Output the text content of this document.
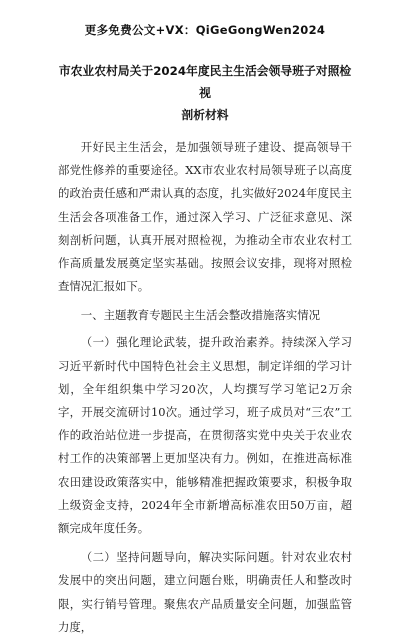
更多免费公文+VX：QiGeGongWen2024
市农业农村局关于2024年度民主生活会领导班子对照检视
剖析材料

开好民主生活会，是加强领导班子建设、提高领导干部党性修养的重要途径。XX市农业农村局领导班子以高度的政治责任感和严肃认真的态度，扎实做好2024年度民主生活会各项准备工作，通过深入学习、广泛征求意见、深刻剖析问题，认真开展对照检视，为推动全市农业农村工作高质量发展奠定坚实基础。按照会议安排，现将对照检查情况汇报如下。

一、主题教育专题民主生活会整改措施落实情况

（一）强化理论武装，提升政治素养。持续深入学习习近平新时代中国特色社会主义思想，制定详细的学习计划，全年组织集中学习20次，人均撰写学习笔记2万余字，开展交流研讨10次。通过学习，班子成员对“三农”工作的政治站位进一步提高，在贯彻落实党中央关于农业农村工作的决策部署上更加坚决有力。例如，在推进高标准农田建设政策落实中，能够精准把握政策要求，积极争取上级资金支持，2024年全市新增高标准农田50万亩，超额完成年度任务。

（二）坚持问题导向，解决实际问题。针对农业农村发展中的突出问题，建立问题台账，明确责任人和整改时限，实行销号管理。聚焦农产品质量安全问题，加强监管力度，
